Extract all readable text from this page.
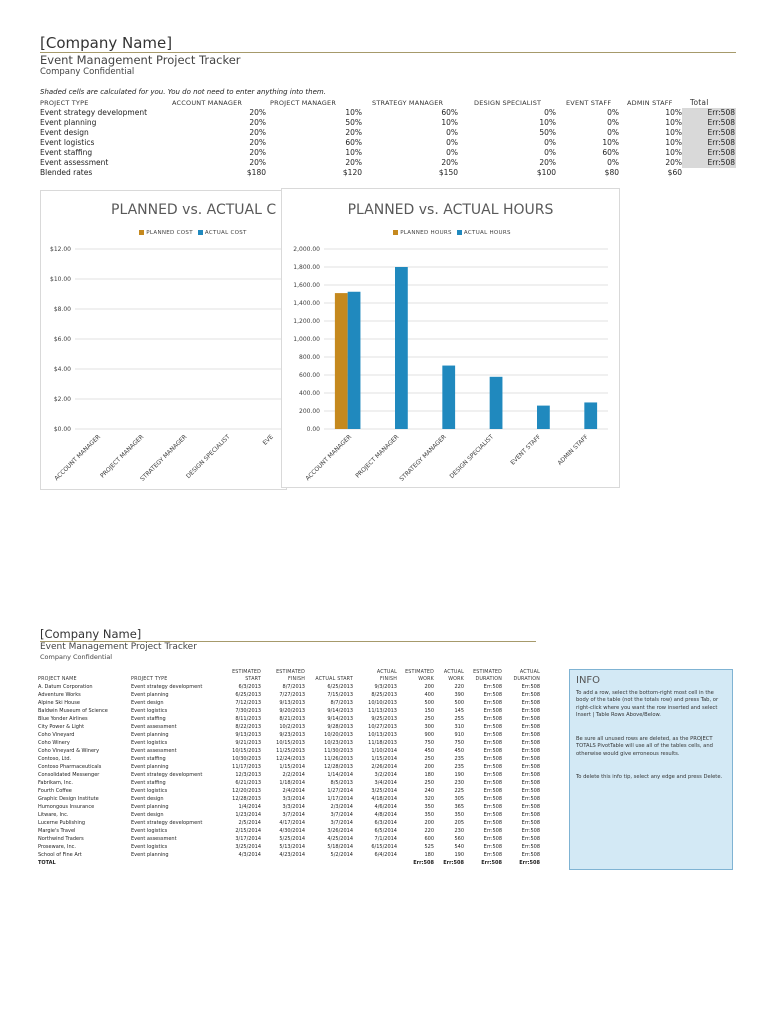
[Company Name]
Event Management Project Tracker
Company Confidential
Shaded cells are calculated for you. You do not need to enter anything into them.
PROJECT TYPE	ACCOUNT MANAGER	PROJECT MANAGER	STRATEGY MANAGER	DESIGN SPECIALIST	EVENT STAFF	ADMIN STAFF	Total
Event strategy development	20%	10%	60%	0%	0%	10%	Err:508
Event planning	20%	50%	10%	10%	0%	10%	Err:508
Event design	20%	20%	0%	50%	0%	10%	Err:508
Event logistics	20%	60%	0%	0%	10%	10%	Err:508
Event staffing	20%	10%	0%	0%	60%	10%	Err:508
Event assessment	20%	20%	20%	20%	0%	20%	Err:508
Blended rates	$180	$120	$150	$100	$80	$60	
PLANNED vs. ACTUAL C
PLANNED COST ACTUAL COST
$0.00
$2.00
$4.00
$6.00
$8.00
$10.00
$12.00
ACCOUNT MANAGER
PROJECT MANAGER
STRATEGY MANAGER
DESIGN SPECIALIST	EVE
PLANNED vs. ACTUAL HOURS
PLANNED HOURS ACTUAL HOURS
0.00
200.00
400.00
600.00
800.00
1,000.00
1,200.00
1,400.00
1,600.00
1,800.00
2,000.00
ACCOUNT MANAGER PROJECT MANAGER
STRATEGY MANAGER DESIGN SPECIALIST EVENT STAFF ADMIN STAFF
[Company Name]
Event Management Project Tracker
Company Confidential
		ESTIMATED	ESTIMATED		ACTUAL	ESTIMATED	ACTUAL	ESTIMATED	ACTUAL
PROJECT NAME	PROJECT TYPE	START	FINISH	ACTUAL START	FINISH	WORK	WORK	DURATION	DURATION
A. Datum Corporation	Event strategy development	6/3/2013	8/7/2013	6/25/2013	9/3/2013	200	220	Err:508	Err:508
Adventure Works	Event planning	6/25/2013	7/27/2013	7/15/2013	8/25/2013	400	390	Err:508	Err:508
Alpine Ski House	Event design	7/12/2013	9/13/2013	8/7/2013	10/10/2013	500	500	Err:508	Err:508
Baldwin Museum of Science	Event logistics	7/30/2013	9/20/2013	9/14/2013	11/13/2013	150	145	Err:508	Err:508
Blue Yonder Airlines	Event staffing	8/11/2013	8/21/2013	9/14/2013	9/25/2013	250	255	Err:508	Err:508
City Power & Light	Event assessment	8/22/2013	10/2/2013	9/28/2013	10/27/2013	300	310	Err:508	Err:508
Coho Vineyard	Event planning	9/13/2013	9/23/2013	10/20/2013	10/13/2013	900	910	Err:508	Err:508
Coho Winery	Event logistics	9/21/2013	10/15/2013	10/23/2013	11/18/2013	750	750	Err:508	Err:508
Coho Vineyard & Winery	Event assessment	10/15/2013	11/25/2013	11/30/2013	1/10/2014	450	450	Err:508	Err:508
Contoso, Ltd.	Event staffing	10/30/2013	12/24/2013	11/26/2013	1/15/2014	250	235	Err:508	Err:508
Contoso Pharmaceuticals	Event planning	11/17/2013	1/15/2014	12/28/2013	2/26/2014	200	235	Err:508	Err:508
Consolidated Messenger	Event strategy development	12/3/2013	2/2/2014	1/14/2014	3/2/2014	180	190	Err:508	Err:508
Fabrikam, Inc.	Event staffing	6/21/2013	1/18/2014	8/5/2013	3/4/2014	250	230	Err:508	Err:508
Fourth Coffee	Event logistics	12/20/2013	2/4/2014	1/27/2014	3/25/2014	240	225	Err:508	Err:508
Graphic Design Institute	Event design	12/28/2013	3/3/2014	1/17/2014	4/18/2014	320	305	Err:508	Err:508
Humongous Insurance	Event planning	1/4/2014	3/3/2014	2/3/2014	4/6/2014	350	365	Err:508	Err:508
Litware, Inc.	Event design	1/23/2014	3/7/2014	3/7/2014	4/8/2014	350	350	Err:508	Err:508
Lucerne Publishing	Event strategy development	2/5/2014	4/17/2014	3/7/2014	6/3/2014	200	205	Err:508	Err:508
Margie's Travel	Event logistics	2/15/2014	4/30/2014	3/26/2014	6/5/2014	220	230	Err:508	Err:508
Northwind Traders	Event assessment	3/17/2014	5/25/2014	4/25/2014	7/1/2014	600	560	Err:508	Err:508
Proseware, Inc.	Event logistics	3/25/2014	5/13/2014	5/18/2014	6/15/2014	525	540	Err:508	Err:508
School of Fine Art	Event planning	4/3/2014	4/23/2014	5/2/2014	6/4/2014	180	190	Err:508	Err:508
TOTAL						Err:508	Err:508	Err:508	Err:508
INFO
To add a row, select the bottom-right most cell in the body of the table (not the totals row) and press Tab, or right-click where you want the row inserted and select Insert | Table Rows Above/Below.
Be sure all unused rows are deleted, as the PROJECT TOTALS PivotTable will use all of the tables cells, and otherwise would give erroneous results.
To delete this info tip, select any edge and press Delete.
